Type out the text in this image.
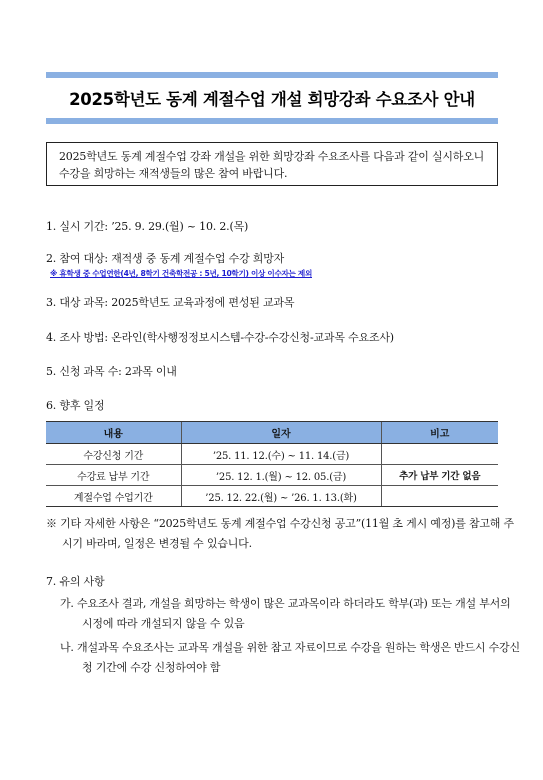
2025학년도 동계 계절수업 개설 희망강좌 수요조사 안내
2025학년도 동계 계절수업 강좌 개설을 위한 희망강좌 수요조사를 다음과 같이 실시하오니 수강을 희망하는 재적생들의 많은 참여 바랍니다.
1. 실시 기간: ’25. 9. 29.(월) ~ 10. 2.(목)
2. 참여 대상: 재적생 중 동계 계절수업 수강 희망자
※ 휴학생 중 수업연한(4년, 8학기 건축학전공 : 5년, 10학기) 이상 이수자는 제외
3. 대상 과목: 2025학년도 교육과정에 편성된 교과목
4. 조사 방법: 온라인(학사행정정보시스템-수강-수강신청-교과목 수요조사)
5. 신청 과목 수: 2과목 이내
6. 향후 일정
내용	일자	비고
수강신청 기간	’25. 11. 12.(수) ~ 11. 14.(금)	
수강료 납부 기간	’25. 12. 1.(월) ~ 12. 05.(금)	추가 납부 기간 없음
계절수업 수업기간	’25. 12. 22.(월) ~ ’26. 1. 13.(화)	
※ 기타 자세한 사항은 “2025학년도 동계 계절수업 수강신청 공고”(11월 초 게시 예정)를 참고해 주시기 바라며, 일정은 변경될 수 있습니다.
7. 유의 사항
가. 수요조사 결과, 개설을 희망하는 학생이 많은 교과목이라 하더라도 학부(과) 또는 개설 부서의 시정에 따라 개설되지 않을 수 있음
나. 개설과목 수요조사는 교과목 개설을 위한 참고 자료이므로 수강을 원하는 학생은 반드시 수강신청 기간에 수강 신청하여야 함
